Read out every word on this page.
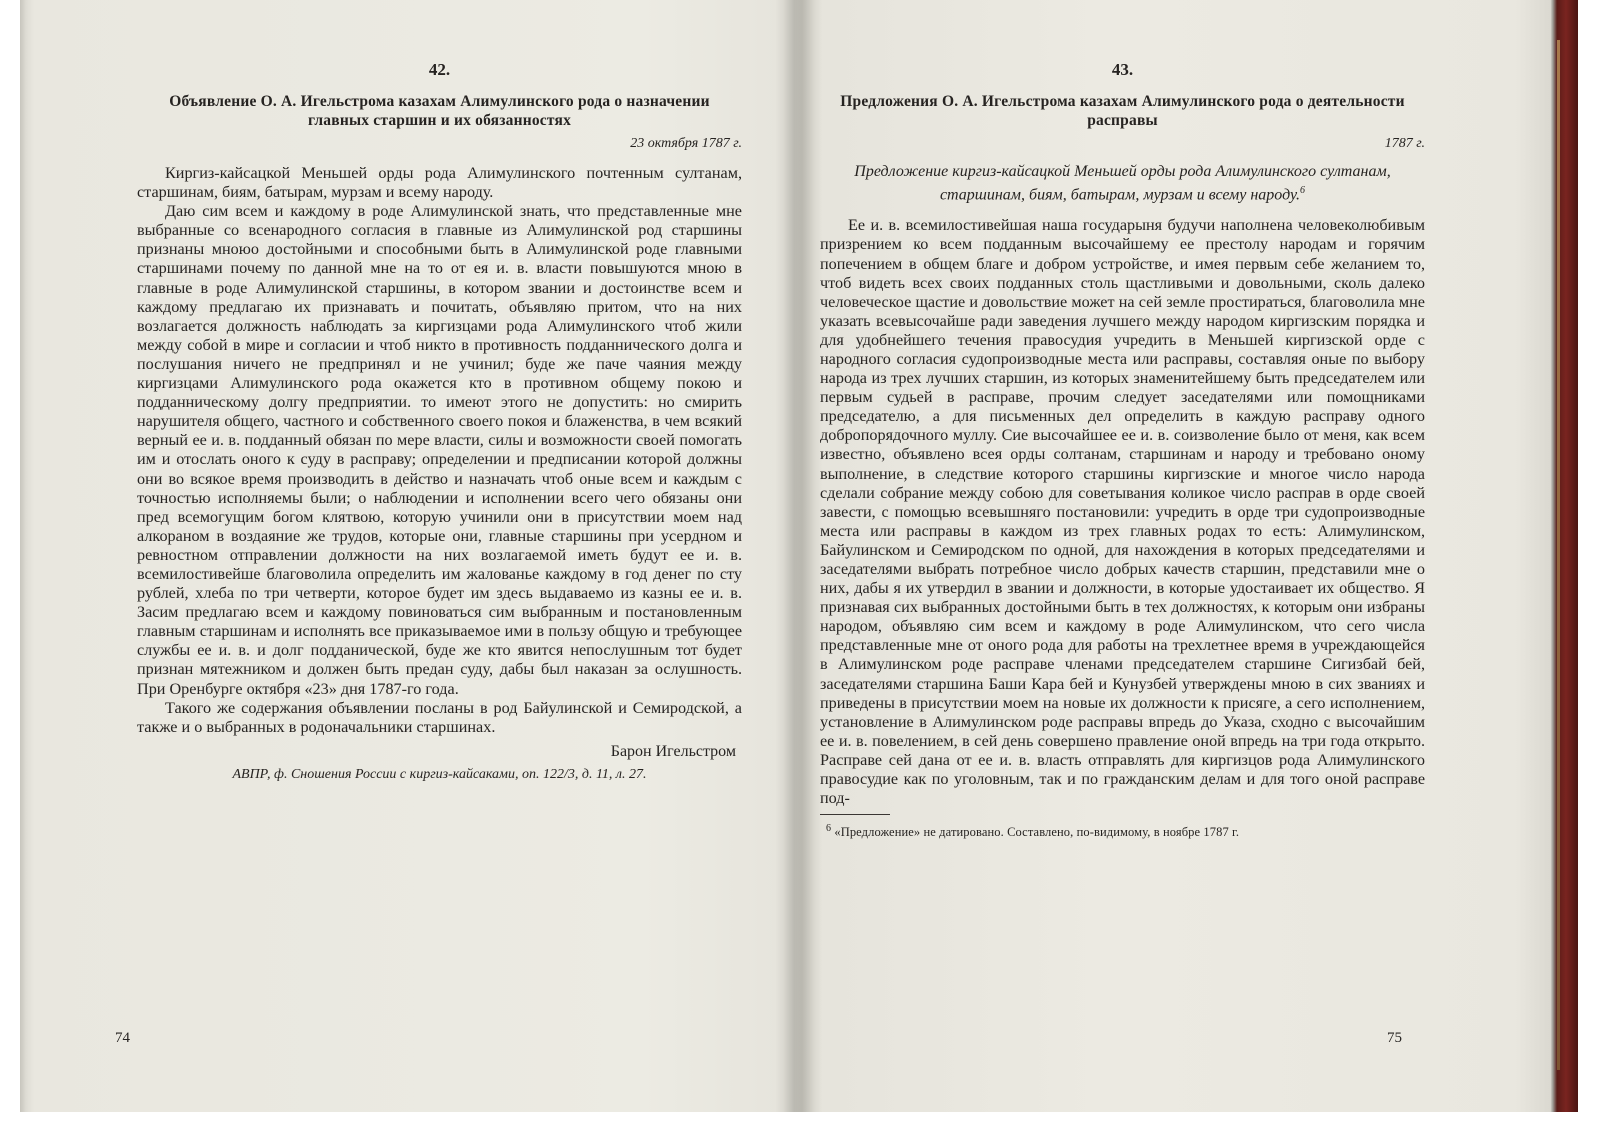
42.
Объявление О. А. Игельстрома казахам Алимулинского рода о назначении главных старшин и их обязанностях
23 октября 1787 г.

Киргиз-кайсацкой Меньшей орды рода Алимулинского почтенным султанам, старшинам, биям, батырам, мурзам и всему народу.

Даю сим всем и каждому в роде Алимулинской знать, что представленные мне выбранные со всенародного согласия в главные из Алимулинской род старшины признаны мноюо достойными и способными быть в Алимулинской роде главными старшинами почему по данной мне на то от ея и. в. власти повышуются мною в главные в роде Алимулинской старшины, в котором звании и достоинстве всем и каждому предлагаю их признавать и почитать, объявляю притом, что на них возлагается должность наблюдать за киргизцами рода Алимулинского чтоб жили между собой в мире и согласии и чтоб никто в противность подданнического долга и послушания ничего не предпринял и не учинил; буде же паче чаяния между киргизцами Алимулинского рода окажется кто в противном общему покою и подданническому долгу предприятии. то имеют этого не допустить: но смирить нарушителя общего, частного и собственного своего покоя и блаженства, в чем всякий верный ее и. в. подданный обязан по мере власти, силы и возможности своей помогать им и отослать оного к суду в расправу; определении и предписании которой должны они во всякое время производить в действо и назначать чтоб оные всем и каждым с точностью исполняемы были; о наблюдении и исполнении всего чего обязаны они пред всемогущим богом клятвою, которую учинили они в присутствии моем над алкораном в воздаяние же трудов, которые они, главные старшины при усердном и ревностном отправлении должности на них возлагаемой иметь будут ее и. в. всемилостивейше благоволила определить им жалованье каждому в год денег по сту рублей, хлеба по три четверти, которое будет им здесь выдаваемо из казны ее и. в. Засим предлагаю всем и каждому повиноваться сим выбранным и постановленным главным старшинам и исполнять все приказываемое ими в пользу общую и требующее службы ее и. в. и долг подданической, буде же кто явится непослушным тот будет признан мятежником и должен быть предан суду, дабы был наказан за ослушность. При Оренбурге октября «23» дня 1787-го года.

Такого же содержания объявлении посланы в род Байулинской и Семиродской, а также и о выбранных в родоначальники старшинах.

Барон Игельстром
АВПР, ф. Сношения России с киргиз-кайсаками, оп. 122/3, д. 11, л. 27.
74
43.
Предложения О. А. Игельстрома казахам Алимулинского рода о деятельности расправы
1787 г.
Предложение киргиз-кайсацкой Меньшей орды рода Алимулинского султанам, старшинам, биям, батырам, мурзам и всему народу.$^6$

Ее и. в. всемилостивейшая наша государыня будучи наполнена человеколюбивым призрением ко всем подданным высочайшему ее престолу народам и горячим попечением в общем благе и добром устройстве, и имея первым себе желанием то, чтоб видеть всех своих подданных столь щастливыми и довольными, сколь далеко человеческое щастие и довольствие может на сей земле простираться, благоволила мне указать всевысочайше ради заведения лучшего между народом киргизским порядка и для удобнейшего течения правосудия учредить в Меньшей киргизской орде с народного согласия судопроизводные места или расправы, составляя оные по выбору народа из трех лучших старшин, из которых знаменитейшему быть председателем или первым судьей в расправе, прочим следует заседателями или помощниками председателю, а для письменных дел определить в каждую расправу одного добропорядочного муллу. Сие высочайшее ее и. в. соизволение было от меня, как всем известно, объявлено всея орды солтанам, старшинам и народу и требовано оному выполнение, в следствие которого старшины киргизские и многое число народа сделали собрание между собою для советывания коликое число расправ в орде своей завести, с помощью всевышняго постановили: учредить в орде три судопроизводные места или расправы в каждом из трех главных родах то есть: Алимулинском, Байулинском и Семиродском по одной, для нахождения в которых председателями и заседателями выбрать потребное число добрых качеств старшин, представили мне о них, дабы я их утвердил в звании и должности, в которые удостаивает их общество. Я признавая сих выбранных достойными быть в тех должностях, к которым они избраны народом, объявляю сим всем и каждому в роде Алимулинском, что сего числа представленные мне от оного рода для работы на трехлетнее время в учреждающейся в Алимулинском роде расправе членами председателем старшине Сигизбай бей, заседателями старшина Баши Кара бей и Кунузбей утверждены мною в сих званиях и приведены в присутствии моем на новые их должности к присяге, а сего исполнением, установление в Алимулинском роде расправы впредь до Указа, сходно с высочайшим ее и. в. повелением, в сей день совершено правление оной впредь на три года открыто. Расправе сей дана от ее и. в. власть отправлять для киргизцов рода Алимулинского правосудие как по уголовным, так и по гражданским делам и для того оной расправе под-

$^6$ «Предложение» не датировано. Составлено, по-видимому, в ноябре 1787 г.
75
